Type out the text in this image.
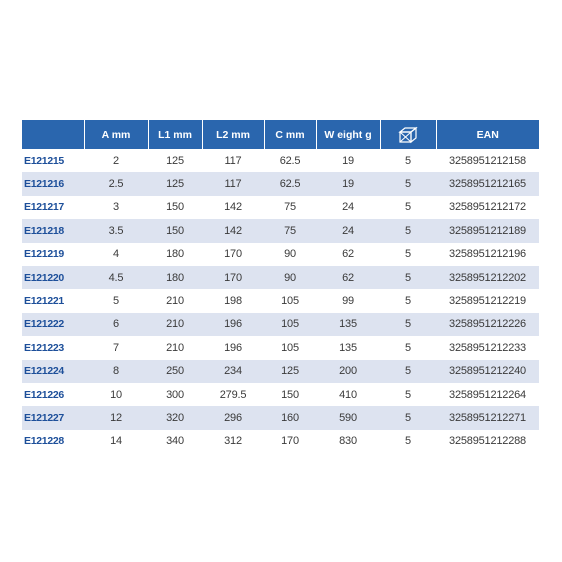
	A mm	L1 mm	L2 mm	C mm	W eight g		EAN
E121215	2	125	117	62.5	19	5	3258951212158
E121216	2.5	125	117	62.5	19	5	3258951212165
E121217	3	150	142	75	24	5	3258951212172
E121218	3.5	150	142	75	24	5	3258951212189
E121219	4	180	170	90	62	5	3258951212196
E121220	4.5	180	170	90	62	5	3258951212202
E121221	5	210	198	105	99	5	3258951212219
E121222	6	210	196	105	135	5	3258951212226
E121223	7	210	196	105	135	5	3258951212233
E121224	8	250	234	125	200	5	3258951212240
E121226	10	300	279.5	150	410	5	3258951212264
E121227	12	320	296	160	590	5	3258951212271
E121228	14	340	312	170	830	5	3258951212288
